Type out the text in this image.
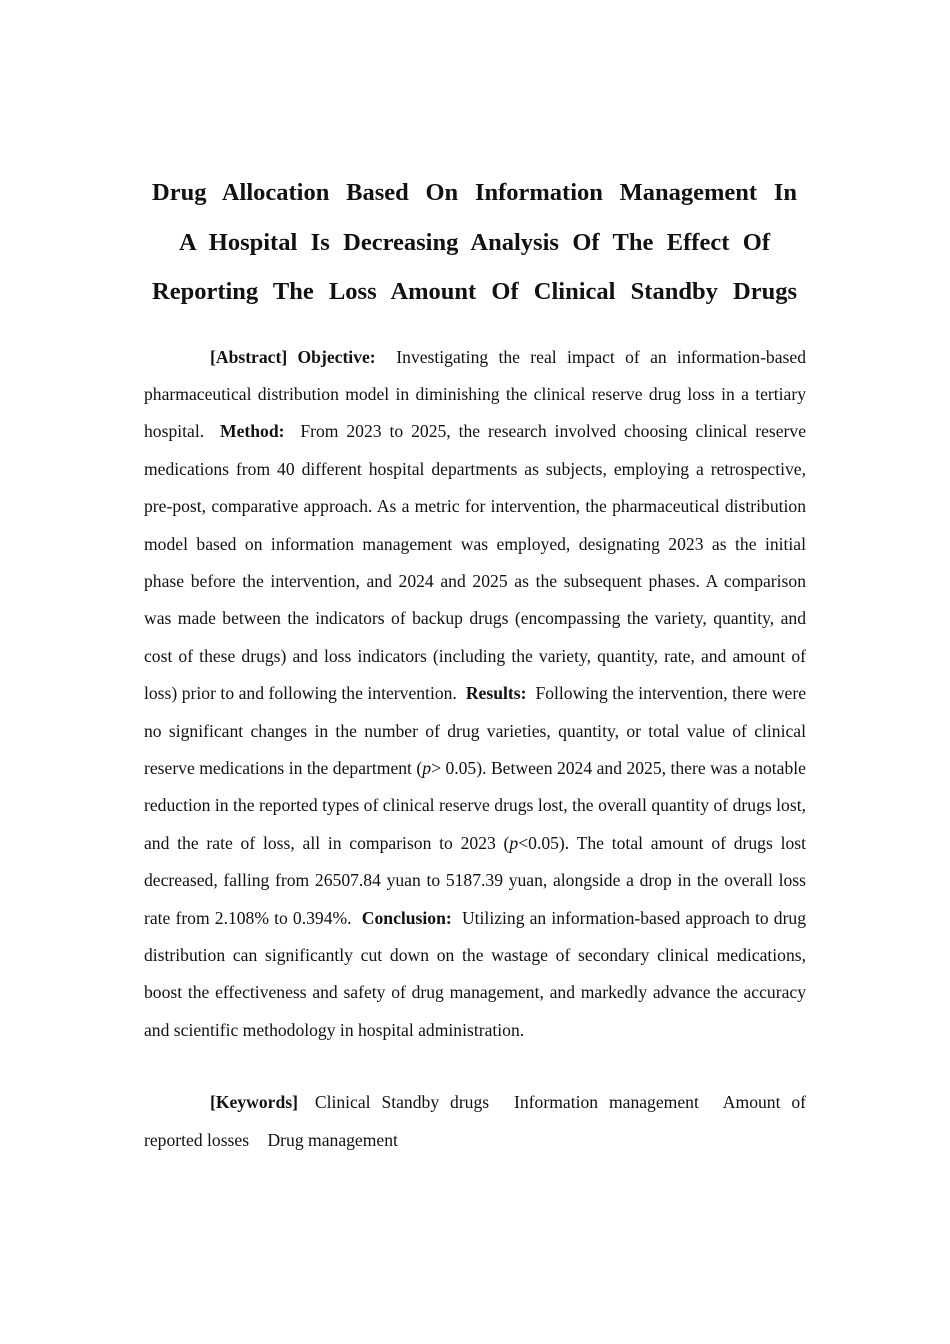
Drug Allocation Based On Information Management In
A Hospital Is Decreasing Analysis Of The Effect Of
Reporting The Loss Amount Of Clinical Standby Drugs

[Abstract] Objective: Investigating the real impact of an information-based pharmaceutical distribution model in diminishing the clinical reserve drug loss in a tertiary hospital. Method: From 2023 to 2025, the research involved choosing clinical reserve medications from 40 different hospital departments as subjects, employing a retrospective, pre-post, comparative approach. As a metric for intervention, the pharmaceutical distribution model based on information management was employed, designating 2023 as the initial phase before the intervention, and 2024 and 2025 as the subsequent phases. A comparison was made between the indicators of backup drugs (encompassing the variety, quantity, and cost of these drugs) and loss indicators (including the variety, quantity, rate, and amount of loss) prior to and following the intervention. Results: Following the intervention, there were no significant changes in the number of drug varieties, quantity, or total value of clinical reserve medications in the department (p> 0.05). Between 2024 and 2025, there was a notable reduction in the reported types of clinical reserve drugs lost, the overall quantity of drugs lost, and the rate of loss, all in comparison to 2023 (p<0.05). The total amount of drugs lost decreased, falling from 26507.84 yuan to 5187.39 yuan, alongside a drop in the overall loss rate from 2.108% to 0.394%. Conclusion: Utilizing an information-based approach to drug distribution can significantly cut down on the wastage of secondary clinical medications, boost the effectiveness and safety of drug management, and markedly advance the accuracy and scientific methodology in hospital administration.

[Keywords] Clinical Standby drugs Information management Amount of reported losses Drug management
